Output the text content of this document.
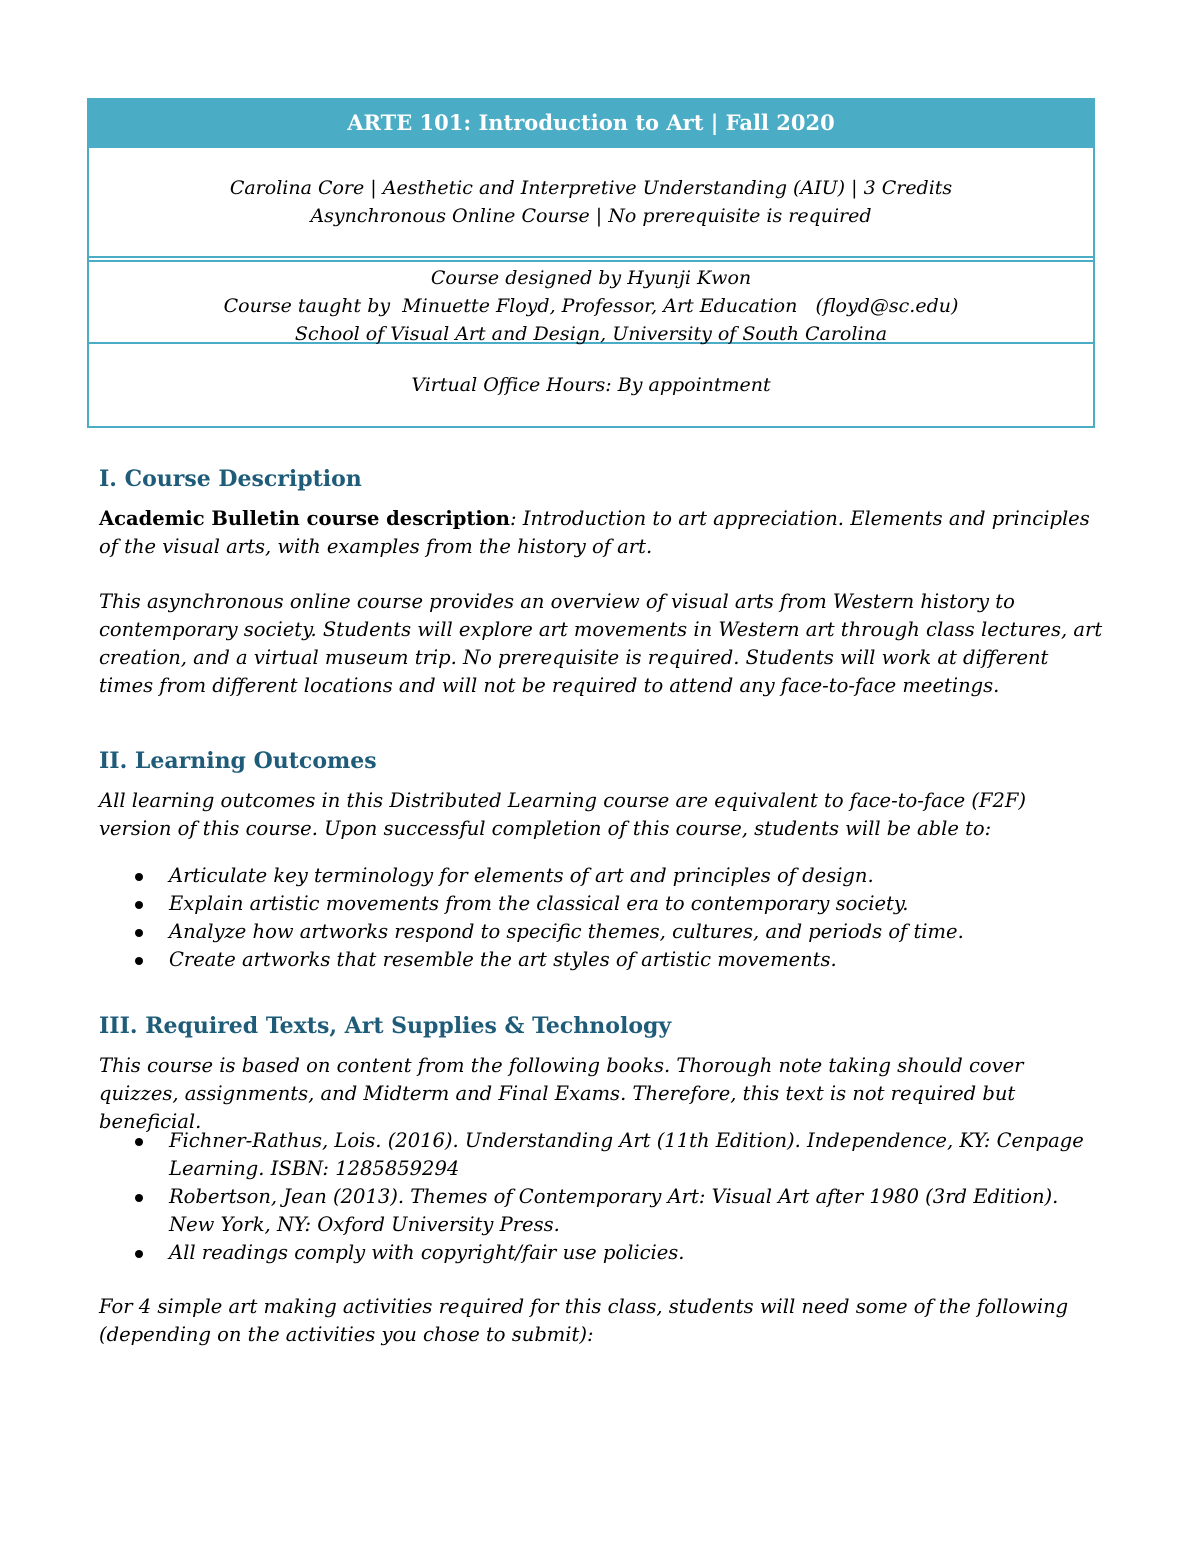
ARTE 101: Introduction to Art | Fall 2020
Carolina Core | Aesthetic and Interpretive Understanding (AIU) | 3 Credits
Asynchronous Online Course | No prerequisite is required
Course designed by Hyunji Kwon
Course taught by  Minuette Floyd, Professor, Art Education   (floyd@sc.edu)
School of Visual Art and Design, University of South Carolina
Virtual Office Hours: By appointment
I. Course Description
Academic Bulletin course description: Introduction to art appreciation. Elements and principles of the visual arts, with examples from the history of art.
This asynchronous online course provides an overview of visual arts from Western history to contemporary society. Students will explore art movements in Western art through class lectures, art creation, and a virtual museum trip. No prerequisite is required. Students will work at different times from different locations and will not be required to attend any face-to-face meetings.
II. Learning Outcomes
All learning outcomes in this Distributed Learning course are equivalent to face-to-face (F2F) version of this course. Upon successful completion of this course, students will be able to:
Articulate key terminology for elements of art and principles of design.
Explain artistic movements from the classical era to contemporary society.
Analyze how artworks respond to specific themes, cultures, and periods of time.
Create artworks that resemble the art styles of artistic movements.
III. Required Texts, Art Supplies & Technology
This course is based on content from the following books. Thorough note taking should cover quizzes, assignments, and Midterm and Final Exams. Therefore, this text is not required but beneficial.
Fichner-Rathus, Lois. (2016). Understanding Art (11th Edition). Independence, KY: Cenpage Learning. ISBN: 1285859294
Robertson, Jean (2013). Themes of Contemporary Art: Visual Art after 1980 (3rd Edition). New York, NY: Oxford University Press.
All readings comply with copyright/fair use policies.
For 4 simple art making activities required for this class, students will need some of the following (depending on the activities you chose to submit):
